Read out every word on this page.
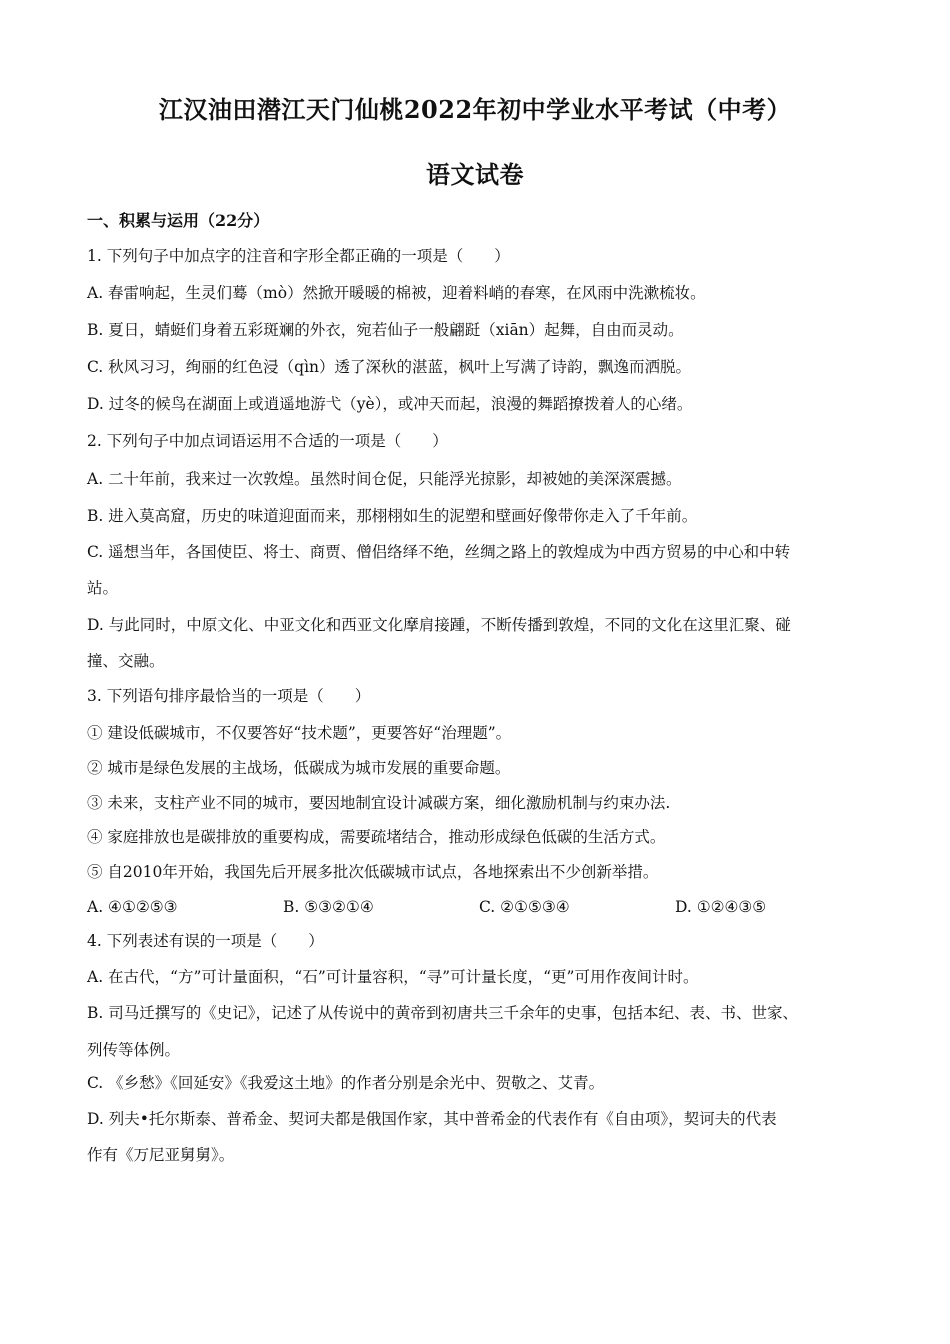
江汉油田潜江天门仙桃2022年初中学业水平考试（中考）
语文试卷
一、积累与运用（22分）
1. 下列句子中加点字的注音和字形全都正确的一项是（　　）
A. 春雷响起，生灵们蓦（mò）然掀开暖暖的棉被，迎着料峭的春寒，在风雨中洗漱梳妆。
B. 夏日，蜻蜓们身着五彩斑斓的外衣，宛若仙子一般翩跹（xiān）起舞，自由而灵动。
C. 秋风习习，绚丽的红色浸（qìn）透了深秋的湛蓝，枫叶上写满了诗韵，飘逸而洒脱。
D. 过冬的候鸟在湖面上或逍遥地游弋（yè），或冲天而起，浪漫的舞蹈撩拨着人的心绪。
2. 下列句子中加点词语运用不合适的一项是（　　）
A. 二十年前，我来过一次敦煌。虽然时间仓促，只能浮光掠影，却被她的美深深震撼。
B. 进入莫高窟，历史的味道迎面而来，那栩栩如生的泥塑和壁画好像带你走入了千年前。
C. 遥想当年，各国使臣、将士、商贾、僧侣络绎不绝，丝绸之路上的敦煌成为中西方贸易的中心和中转
站。
D. 与此同时，中原文化、中亚文化和西亚文化摩肩接踵，不断传播到敦煌，不同的文化在这里汇聚、碰
撞、交融。
3. 下列语句排序最恰当的一项是（　　）
① 建设低碳城市，不仅要答好“技术题”，更要答好“治理题”。
② 城市是绿色发展的主战场，低碳成为城市发展的重要命题。
③ 未来，支柱产业不同的城市，要因地制宜设计减碳方案，细化激励机制与约束办法.
④ 家庭排放也是碳排放的重要构成，需要疏堵结合，推动形成绿色低碳的生活方式。
⑤ 自2010年开始，我国先后开展多批次低碳城市试点，各地探索出不少创新举措。
A. ④①②⑤③	B. ⑤③②①④	C. ②①⑤③④	D. ①②④③⑤
4. 下列表述有误的一项是（　　）
A. 在古代，“方”可计量面积，“石”可计量容积，“寻”可计量长度，“更”可用作夜间计时。
B. 司马迁撰写的《史记》，记述了从传说中的黄帝到初唐共三千余年的史事，包括本纪、表、书、世家、
列传等体例。
C. 《乡愁》《回延安》《我爱这土地》的作者分别是余光中、贺敬之、艾青。
D. 列夫•托尔斯泰、普希金、契诃夫都是俄国作家，其中普希金的代表作有《自由项》，契诃夫的代表
作有《万尼亚舅舅》。
